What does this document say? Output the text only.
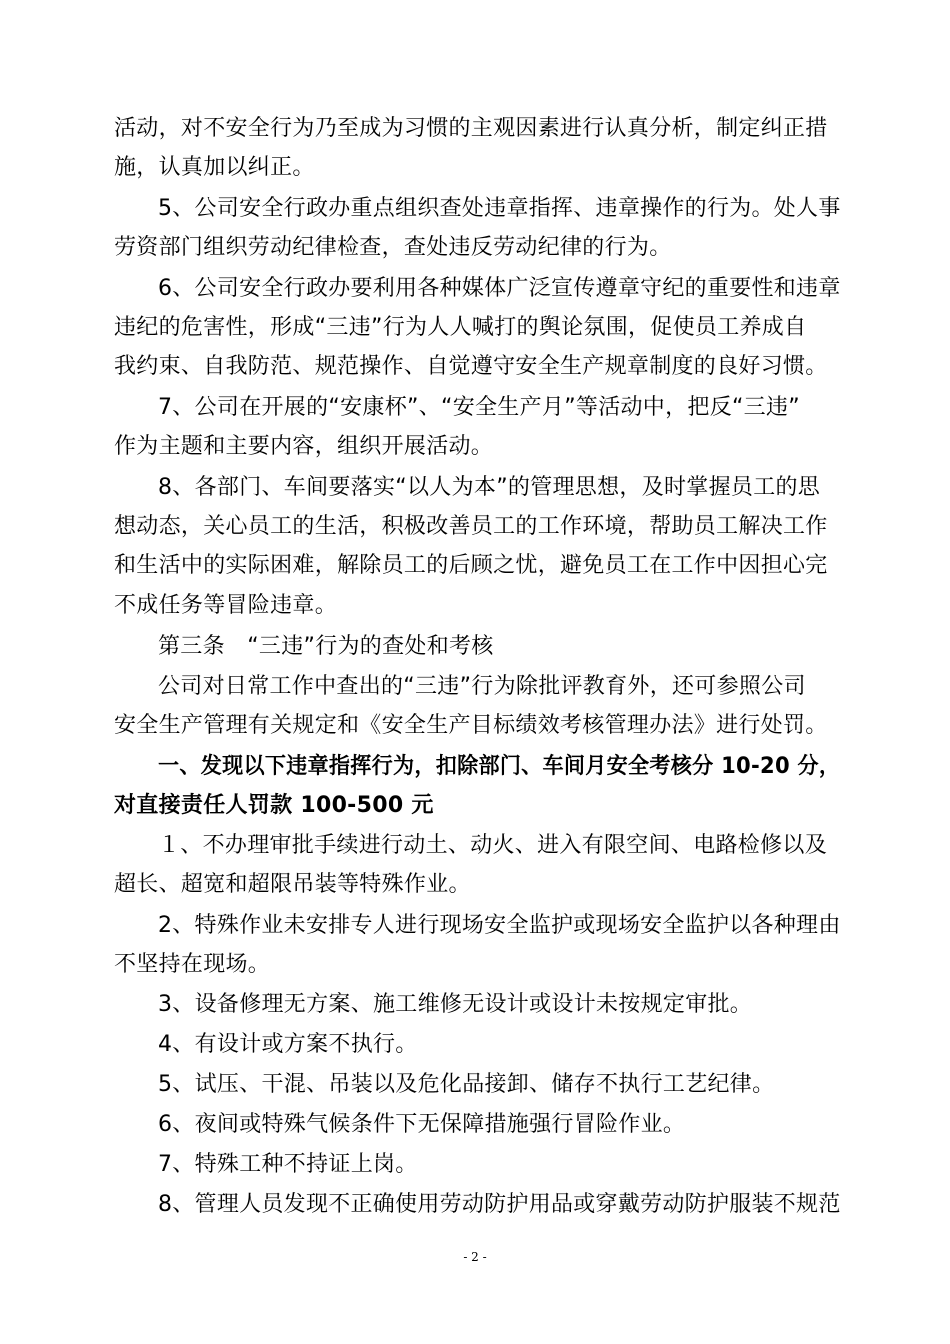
活动，对不安全行为乃至成为习惯的主观因素进行认真分析，制定纠正措
施，认真加以纠正。
5、公司安全行政办重点组织查处违章指挥、违章操作的行为。处人事
劳资部门组织劳动纪律检查，查处违反劳动纪律的行为。
6、公司安全行政办要利用各种媒体广泛宣传遵章守纪的重要性和违章
违纪的危害性，形成“三违”行为人人喊打的舆论氛围，促使员工养成自
我约束、自我防范、规范操作、自觉遵守安全生产规章制度的良好习惯。
7、公司在开展的“安康杯”、“安全生产月”等活动中，把反“三违”
作为主题和主要内容，组织开展活动。
8、各部门、车间要落实“以人为本”的管理思想，及时掌握员工的思
想动态，关心员工的生活，积极改善员工的工作环境，帮助员工解决工作
和生活中的实际困难，解除员工的后顾之忧，避免员工在工作中因担心完
不成任务等冒险违章。
第三条　“三违”行为的查处和考核
公司对日常工作中查出的“三违”行为除批评教育外，还可参照公司
安全生产管理有关规定和《安全生产目标绩效考核管理办法》进行处罚。
一、发现以下违章指挥行为，扣除部门、车间月安全考核分 10-20 分，
对直接责任人罚款 100-500 元
１、不办理审批手续进行动土、动火、进入有限空间、电路检修以及
超长、超宽和超限吊装等特殊作业。
2、特殊作业未安排专人进行现场安全监护或现场安全监护以各种理由
不坚持在现场。
3、设备修理无方案、施工维修无设计或设计未按规定审批。
4、有设计或方案不执行。
5、试压、干混、吊装以及危化品接卸、储存不执行工艺纪律。
6、夜间或特殊气候条件下无保障措施强行冒险作业。
7、特殊工种不持证上岗。
8、管理人员发现不正确使用劳动防护用品或穿戴劳动防护服装不规范
- 2 -
